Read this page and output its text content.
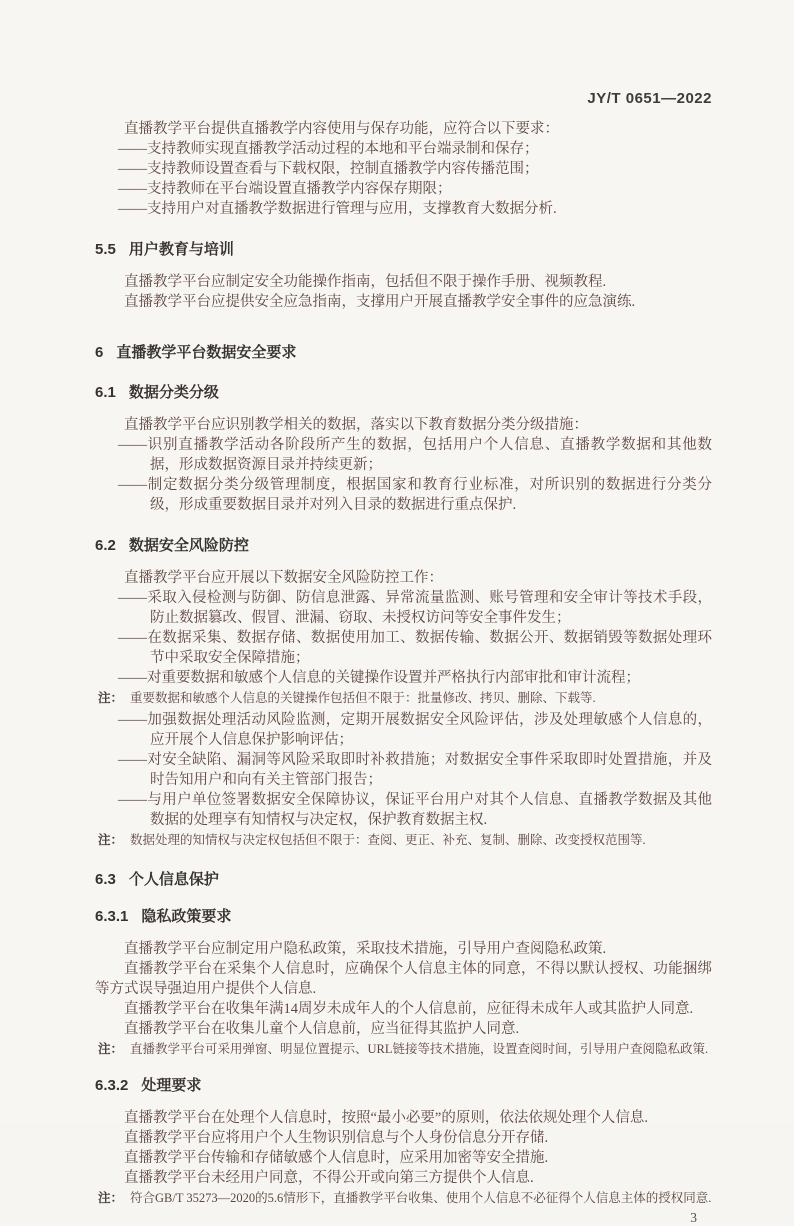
JY/T 0651—2022

直播教学平台提供直播教学内容使用与保存功能，应符合以下要求：

——支持教师实现直播教学活动过程的本地和平台端录制和保存；

——支持教师设置查看与下载权限，控制直播教学内容传播范围；

——支持教师在平台端设置直播教学内容保存期限；

——支持用户对直播教学数据进行管理与应用，支撑教育大数据分析.

5.5 用户教育与培训

直播教学平台应制定安全功能操作指南，包括但不限于操作手册、视频教程.

直播教学平台应提供安全应急指南，支撑用户开展直播教学安全事件的应急演练.

6 直播教学平台数据安全要求
6.1 数据分类分级

直播教学平台应识别教学相关的数据，落实以下教育数据分类分级措施：

——识别直播教学活动各阶段所产生的数据，包括用户个人信息、直播教学数据和其他数据，形成数据资源目录并持续更新；

——制定数据分类分级管理制度，根据国家和教育行业标准，对所识别的数据进行分类分级，形成重要数据目录并对列入目录的数据进行重点保护.

6.2 数据安全风险防控

直播教学平台应开展以下数据安全风险防控工作：

——采取入侵检测与防御、防信息泄露、异常流量监测、账号管理和安全审计等技术手段，防止数据篡改、假冒、泄漏、窃取、未授权访问等安全事件发生；

——在数据采集、数据存储、数据使用加工、数据传输、数据公开、数据销毁等数据处理环节中采取安全保障措施；

——对重要数据和敏感个人信息的关键操作设置并严格执行内部审批和审计流程；

注： 重要数据和敏感个人信息的关键操作包括但不限于：批量修改、拷贝、删除、下载等.

——加强数据处理活动风险监测，定期开展数据安全风险评估，涉及处理敏感个人信息的，应开展个人信息保护影响评估；

——对安全缺陷、漏洞等风险采取即时补救措施；对数据安全事件采取即时处置措施，并及时告知用户和向有关主管部门报告；

——与用户单位签署数据安全保障协议，保证平台用户对其个人信息、直播教学数据及其他数据的处理享有知情权与决定权，保护教育数据主权.

注： 数据处理的知情权与决定权包括但不限于：查阅、更正、补充、复制、删除、改变授权范围等.

6.3 个人信息保护
6.3.1 隐私政策要求

直播教学平台应制定用户隐私政策，采取技术措施，引导用户查阅隐私政策.

直播教学平台在采集个人信息时，应确保个人信息主体的同意，不得以默认授权、功能捆绑等方式误导强迫用户提供个人信息.

直播教学平台在收集年满14周岁未成年人的个人信息前，应征得未成年人或其监护人同意.

直播教学平台在收集儿童个人信息前，应当征得其监护人同意.

注： 直播教学平台可采用弹窗、明显位置提示、URL链接等技术措施，设置查阅时间，引导用户查阅隐私政策.

6.3.2 处理要求

直播教学平台在处理个人信息时，按照“最小必要”的原则，依法依规处理个人信息.

直播教学平台应将用户个人生物识别信息与个人身份信息分开存储.

直播教学平台传输和存储敏感个人信息时，应采用加密等安全措施.

直播教学平台未经用户同意，不得公开或向第三方提供个人信息.

注： 符合GB/T 35273—2020的5.6情形下，直播教学平台收集、使用个人信息不必征得个人信息主体的授权同意.

3
